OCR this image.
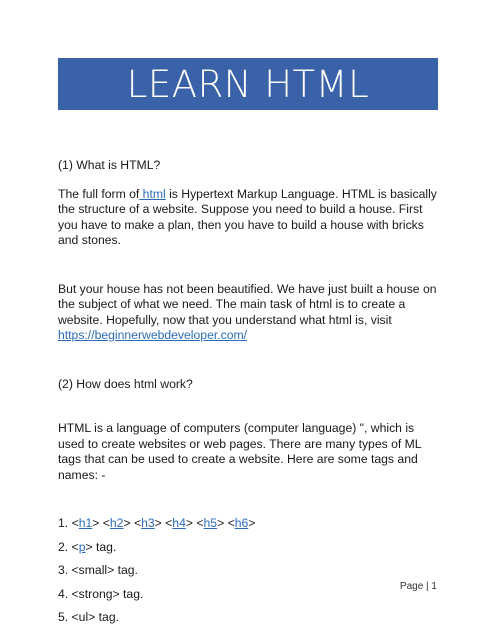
LEARN HTML

(1) What is HTML?

The full form of html is Hypertext Markup Language. HTML is basically the structure of a website. Suppose you need to build a house. First you have to make a plan, then you have to build a house with bricks and stones.

But your house has not been beautified. We have just built a house on the subject of what we need. The main task of html is to create a website. Hopefully, now that you understand what html is, visit
https://beginnerwebdeveloper.com/

(2) How does html work?

HTML is a language of computers (computer language) ", which is used to create websites or web pages. There are many types of ML tags that can be used to create a website. Here are some tags and names: -

1. <h1> <h2> <h3> <h4> <h5> <h6>

2. <p> tag.

3. <small> tag.

4. <strong> tag.

5. <ul> tag.

Page | 1
